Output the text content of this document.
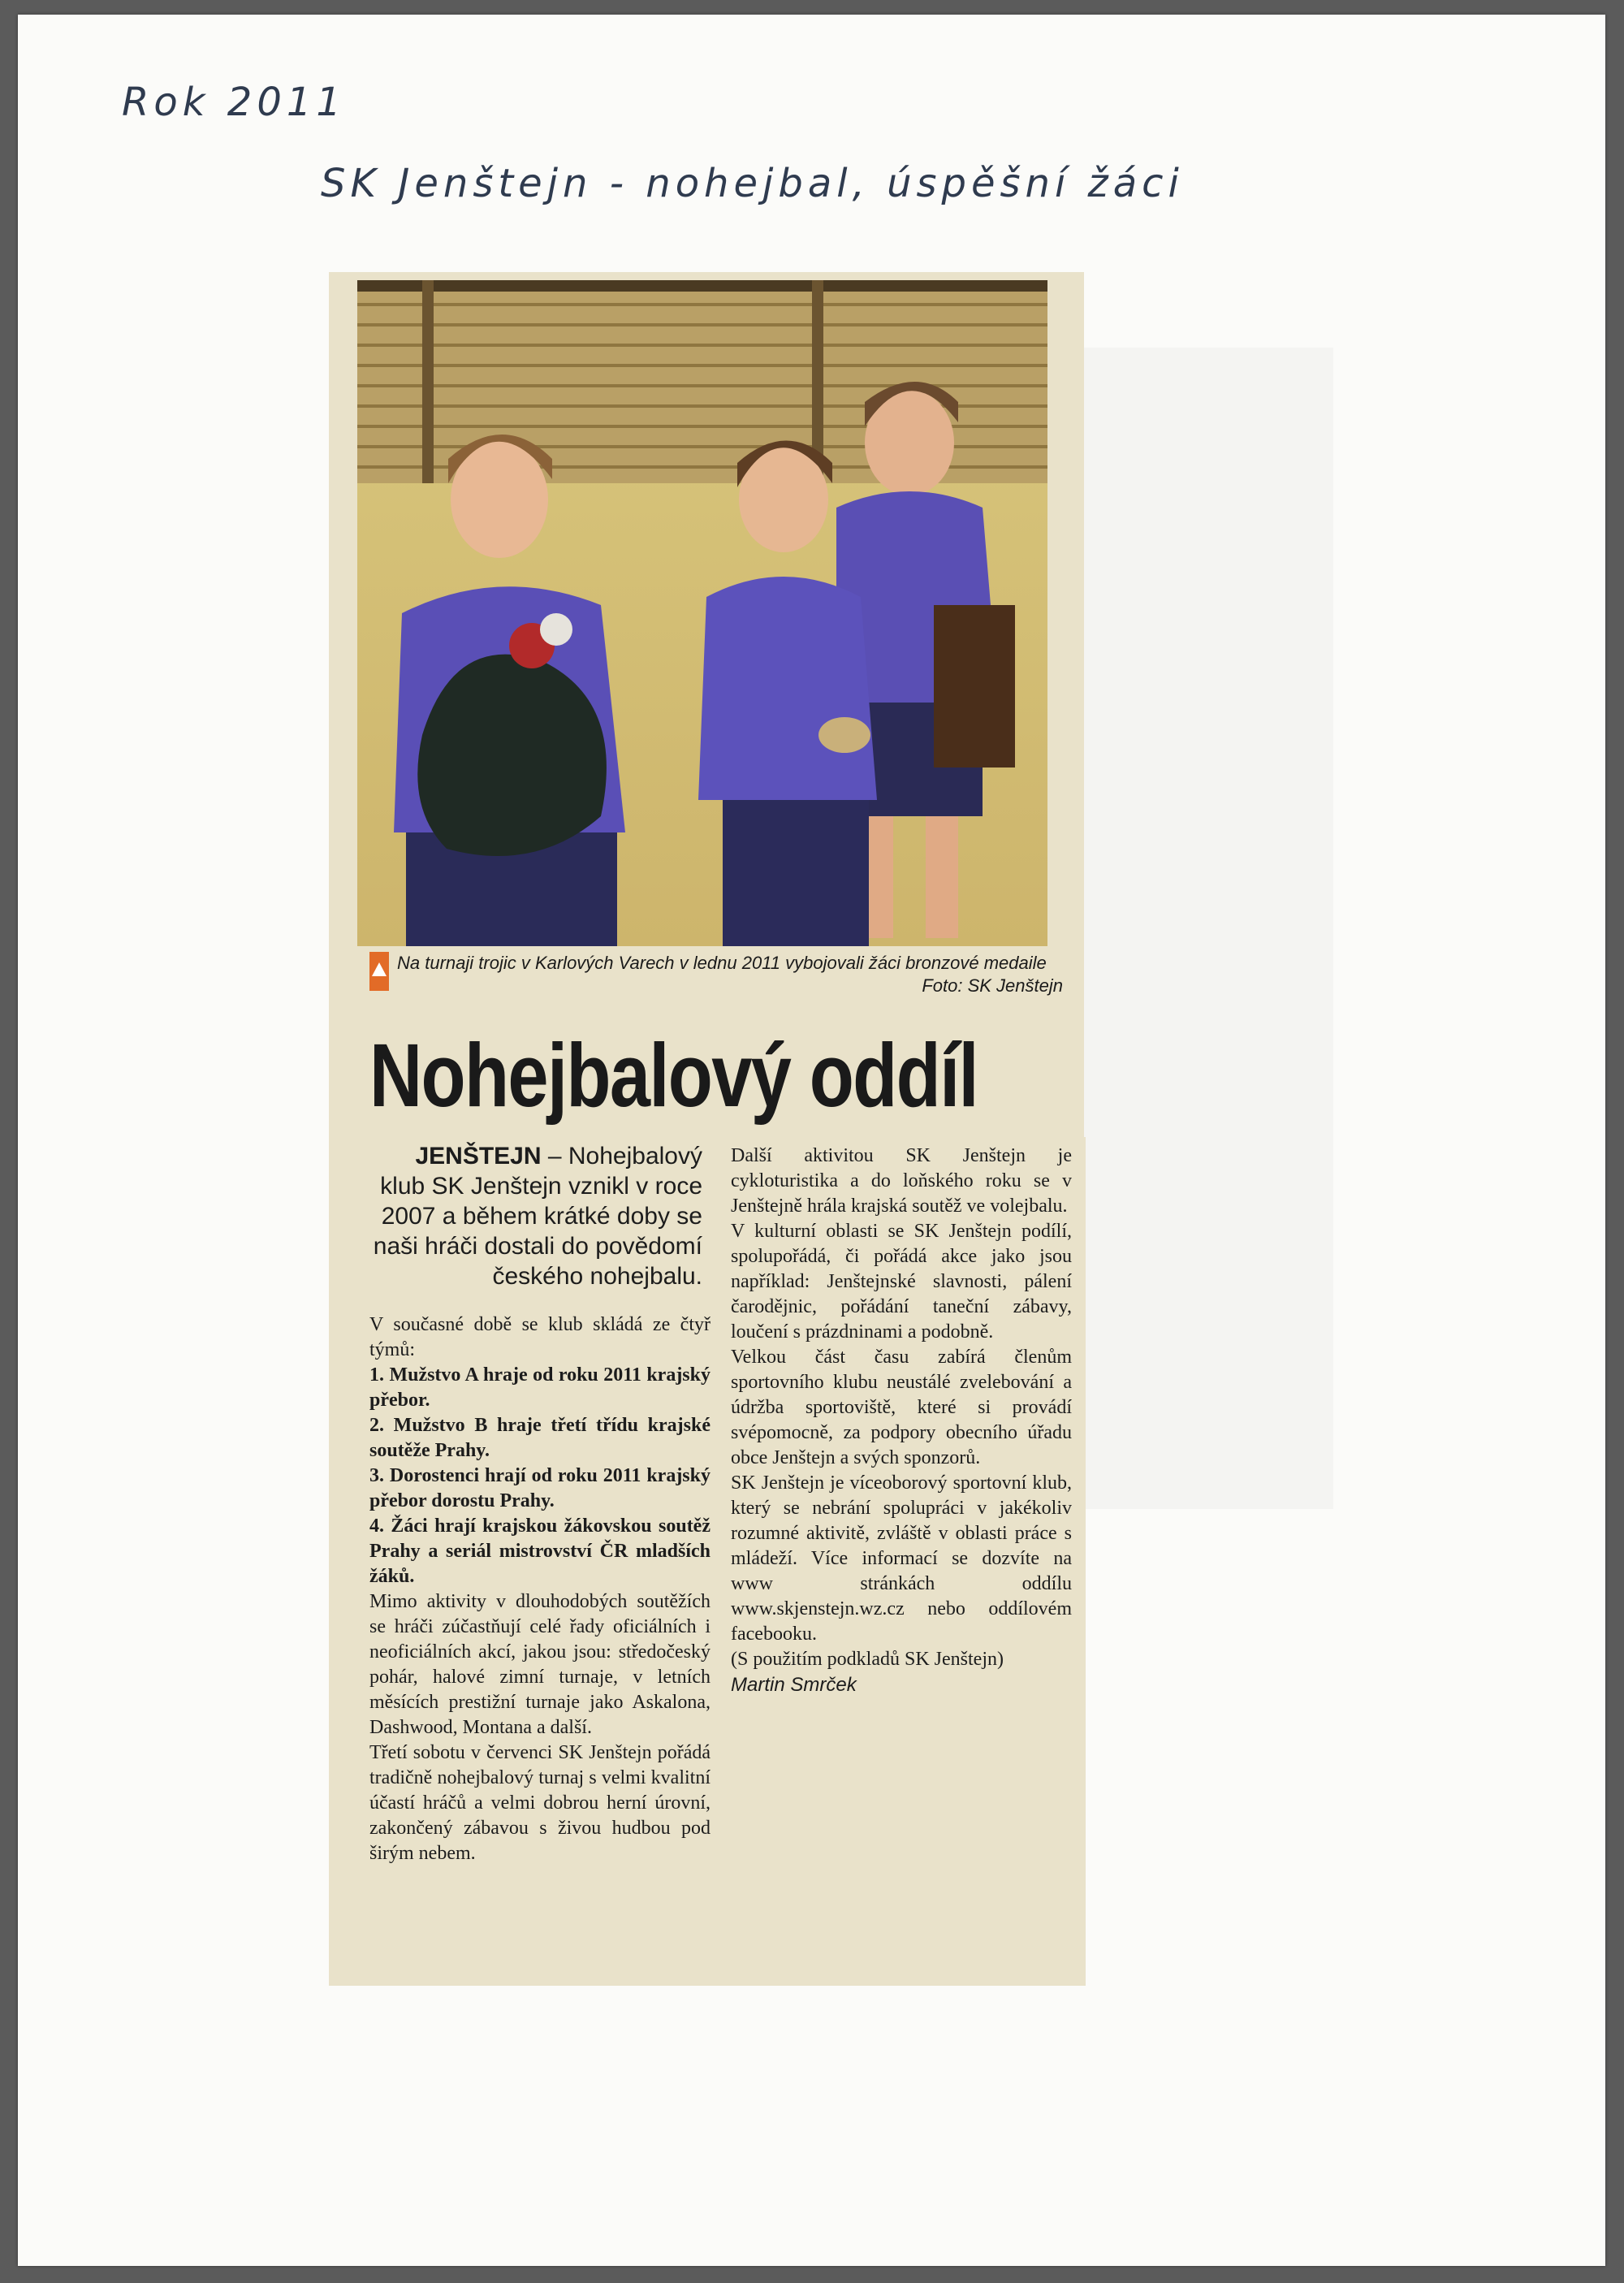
Rok 2011
SK Jenštejn - nohejbal, úspěšní žáci
Na turnaji trojic v Karlových Varech v lednu 2011 vybojovali žáci bronzové medaile
Foto: SK Jenštejn
Nohejbalový oddíl
JENŠTEJN – Nohejbalový klub SK Jenštejn vznikl v roce 2007 a během krátké doby se naši hráči dostali do povědomí českého nohejbalu.

V současné době se klub skládá ze čtyř týmů:

1. Mužstvo A hraje od roku 2011 krajský přebor.

2. Mužstvo B hraje třetí třídu krajské soutěže Prahy.

3. Dorostenci hrají od roku 2011 krajský přebor dorostu Prahy.

4. Žáci hrají krajskou žákovskou soutěž Prahy a seriál mistrovství ČR mladších žáků.

Mimo aktivity v dlouhodobých soutěžích se hráči zúčastňují celé řady oficiálních i neoficiálních akcí, jakou jsou: středočeský pohár, halové zimní turnaje, v letních měsících prestižní turnaje jako Askalona, Dashwood, Montana a další.

Třetí sobotu v červenci SK Jenštejn pořádá tradičně nohejbalový turnaj s velmi kvalitní účastí hráčů a velmi dobrou herní úrovní, zakončený zábavou s živou hudbou pod širým nebem.

Další aktivitou SK Jenštejn je cykloturistika a do loňského roku se v Jenštejně hrála krajská soutěž ve volejbalu.

V kulturní oblasti se SK Jenštejn podílí, spolupořádá, či pořádá akce jako jsou například: Jenštejnské slavnosti, pálení čarodějnic, pořádání taneční zábavy, loučení s prázdninami a podobně.

Velkou část času zabírá členům sportovního klubu neustálé zvelebování a údržba sportoviště, které si provádí svépomocně, za podpory obecního úřadu obce Jenštejn a svých sponzorů.

SK Jenštejn je víceoborový sportovní klub, který se nebrání spolupráci v jakékoliv rozumné aktivitě, zvláště v oblasti práce s mládeží. Více informací se dozvíte na www stránkách oddílu www.skjenstejn.wz.cz nebo oddílovém facebooku.

(S použitím podkladů SK Jenštejn)

Martin Smrček
